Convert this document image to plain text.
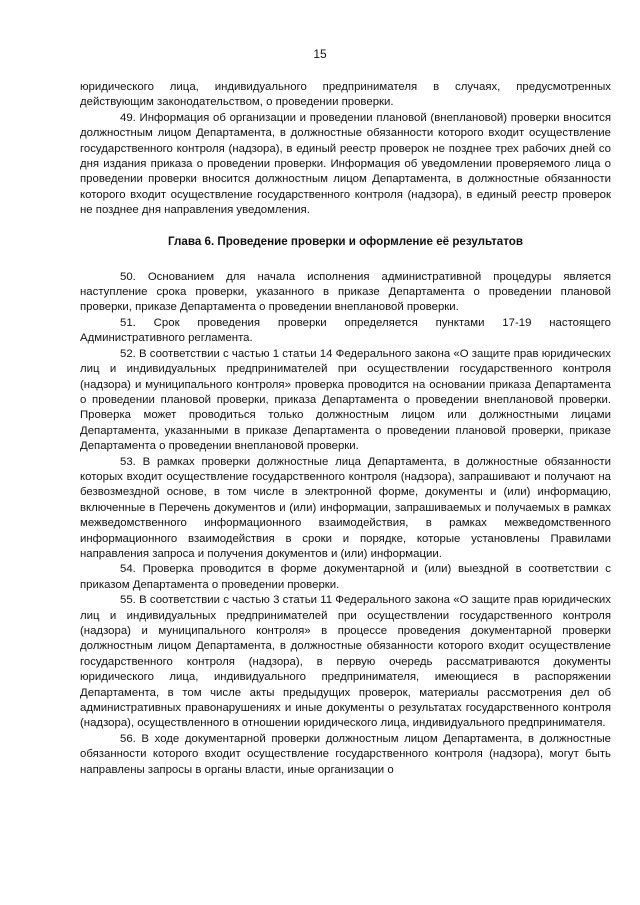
15

юридического лица, индивидуального предпринимателя в случаях, предусмотренных действующим законодательством, о проведении проверки.

49. Информация об организации и проведении плановой (внеплановой) проверки вносится должностным лицом Департамента, в должностные обязанности которого входит осуществление государственного контроля (надзора), в единый реестр проверок не позднее трех рабочих дней со дня издания приказа о проведении проверки. Информация об уведомлении проверяемого лица о проведении проверки вносится должностным лицом Департамента, в должностные обязанности которого входит осуществление государственного контроля (надзора), в единый реестр проверок не позднее дня направления уведомления.

Глава 6. Проведение проверки и оформление её результатов

50. Основанием для начала исполнения административной процедуры является наступление срока проверки, указанного в приказе Департамента о проведении плановой проверки, приказе Департамента о проведении внеплановой проверки.

51. Срок проведения проверки определяется пунктами 17-19 настоящего Административного регламента.

52. В соответствии с частью 1 статьи 14 Федерального закона «О защите прав юридических лиц и индивидуальных предпринимателей при осуществлении государственного контроля (надзора) и муниципального контроля» проверка проводится на основании приказа Департамента о проведении плановой проверки, приказа Департамента о проведении внеплановой проверки. Проверка может проводиться только должностным лицом или должностными лицами Департамента, указанными в приказе Департамента о проведении плановой проверки, приказе Департамента о проведении внеплановой проверки.

53. В рамках проверки должностные лица Департамента, в должностные обязанности которых входит осуществление государственного контроля (надзора), запрашивают и получают на безвозмездной основе, в том числе в электронной форме, документы и (или) информацию, включенные в Перечень документов и (или) информации, запрашиваемых и получаемых в рамках межведомственного информационного взаимодействия, в рамках межведомственного информационного взаимодействия в сроки и порядке, которые установлены Правилами направления запроса и получения документов и (или) информации.

54. Проверка проводится в форме документарной и (или) выездной в соответствии с приказом Департамента о проведении проверки.

55. В соответствии с частью 3 статьи 11 Федерального закона «О защите прав юридических лиц и индивидуальных предпринимателей при осуществлении государственного контроля (надзора) и муниципального контроля» в процессе проведения документарной проверки должностным лицом Департамента, в должностные обязанности которого входит осуществление государственного контроля (надзора), в первую очередь рассматриваются документы юридического лица, индивидуального предпринимателя, имеющиеся в распоряжении Департамента, в том числе акты предыдущих проверок, материалы рассмотрения дел об административных правонарушениях и иные документы о результатах государственного контроля (надзора), осуществленного в отношении юридического лица, индивидуального предпринимателя.

56. В ходе документарной проверки должностным лицом Департамента, в должностные обязанности которого входит осуществление государственного контроля (надзора), могут быть направлены запросы в органы власти, иные организации о
